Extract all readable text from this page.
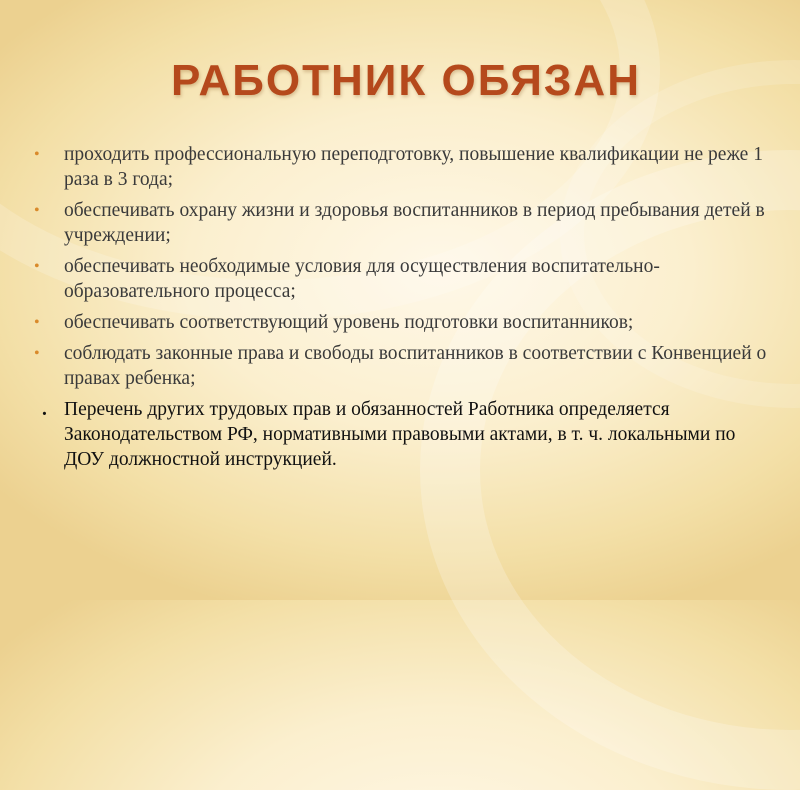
РАБОТНИК ОБЯЗАН
• проходить профессиональную переподготовку, повышение квалификации не реже 1 раза в 3 года;
• обеспечивать охрану жизни и здоровья воспитанников в период пребывания детей в учреждении;
• обеспечивать необходимые условия для осуществления воспитательно-образовательного процесса;
• обеспечивать соответствующий уровень подготовки воспитанников;
• соблюдать законные права и свободы воспитанников в соответствии с Конвенцией о правах ребенка;
. Перечень других трудовых прав и обязанностей Работника определяется Законодательством РФ, нормативными правовыми актами, в т. ч. локальными по ДОУ должностной инструкцией.
